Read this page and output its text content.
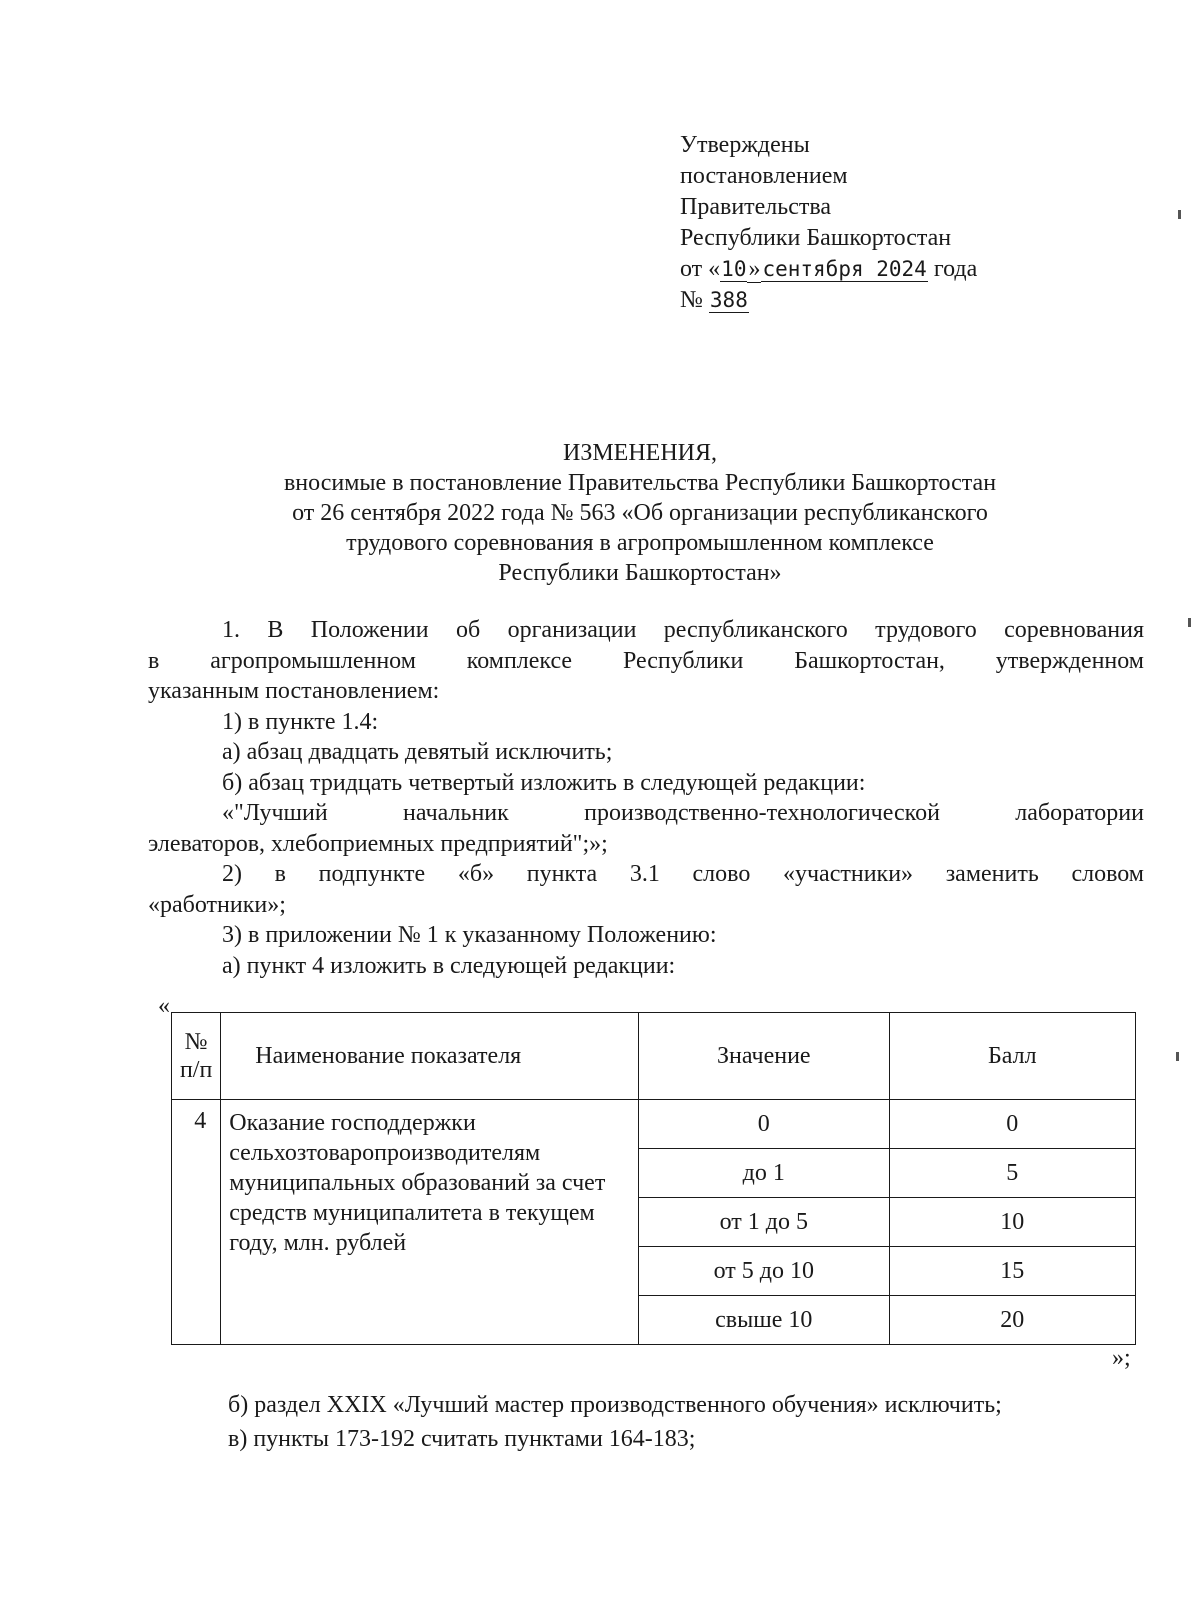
Утверждены
постановлением
Правительства
Республики Башкортостан
от «10»сентября 2024 года
№ 388
ИЗМЕНЕНИЯ,
вносимые в постановление Правительства Республики Башкортостан
от 26 сентября 2022 года № 563 «Об организации республиканского
трудового соревнования в агропромышленном комплексе
Республики Башкортостан»
1. В Положении об организации республиканского трудового соревнования
в агропромышленном комплексе Республики Башкортостан, утвержденном
указанным постановлением:
1) в пункте 1.4:
а) абзац двадцать девятый исключить;
б) абзац тридцать четвертый изложить в следующей редакции:
«"Лучший начальник производственно-технологической лаборатории
элеваторов, хлебоприемных предприятий";»;
2) в подпункте «б» пункта 3.1 слово «участники» заменить словом
«работники»;
3) в приложении № 1 к указанному Положению:
а) пункт 4 изложить в следующей редакции:
«
№ п/п	Наименование показателя	Значение	Балл
4	Оказание господдержки сельхозтоваропроизводителям муниципальных образований за счет средств муниципалитета в текущем году, млн. рублей	0	0
		до 1	5
		от 1 до 5	10
		от 5 до 10	15
		свыше 10	20
»;
б) раздел XXIX «Лучший мастер производственного обучения» исключить;
в) пункты 173-192 считать пунктами 164-183;
